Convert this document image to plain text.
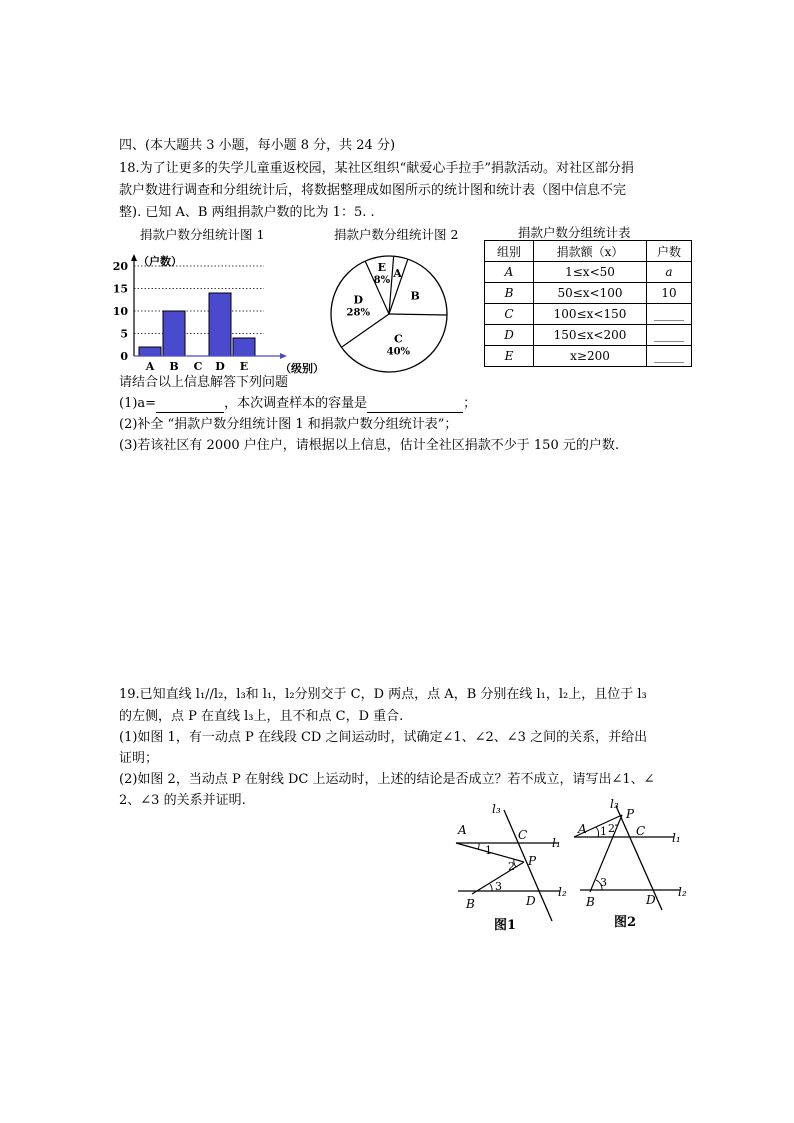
四、(本大题共 3 小题，每小题 8 分，共 24 分)
18.为了让更多的失学儿童重返校园，某社区组织“献爱心手拉手”捐款活动。对社区部分捐
款户数进行调查和分组统计后，将数据整理成如图所示的统计图和统计表（图中信息不完
整). 已知 A、B 两组捐款户数的比为 1：5. .
捐款户数分组统计图 1	捐款户数分组统计图 2	捐款户数分组统计表
0
5
10
15
20
A B C D E
（户数）
（级别）
A
B
C
40%
D
28%
E
8%
组别	捐款额（x）	户数
A	1≤x<50	a
B	50≤x<100	10
C	100≤x<150	_____
D	150≤x<200	_____
E	x≥200	_____
请结合以上信息解答下列问题
(1)a=	，本次调查样本的容量是	；
(2)补全 “捐款户数分组统计图 1 和捐款户数分组统计表”；
(3)若该社区有 2000 户住户，请根据以上信息，估计全社区捐款不少于 150 元的户数.
19.已知直线 l₁//l₂，l₃和 l₁，l₂分别交于 C，D 两点，点 A，B 分别在线 l₁，l₂上，且位于 l₃
的左侧，点 P 在直线 l₃上，且不和点 C，D 重合.
(1)如图 1，有一动点 P 在线段 CD 之间运动时，试确定∠1、∠2、∠3 之间的关系，并给出
证明；
(2)如图 2，当动点 P 在射线 DC 上运动时，上述的结论是否成立？若不成立，请写出∠1、∠
2、∠3 的关系并证明.
l₃
A	C
l₁
1
2 P
3
B	D
l₂
图1
l₃
P
A 1 2 C l₁
3
B	D
l₂
图2
